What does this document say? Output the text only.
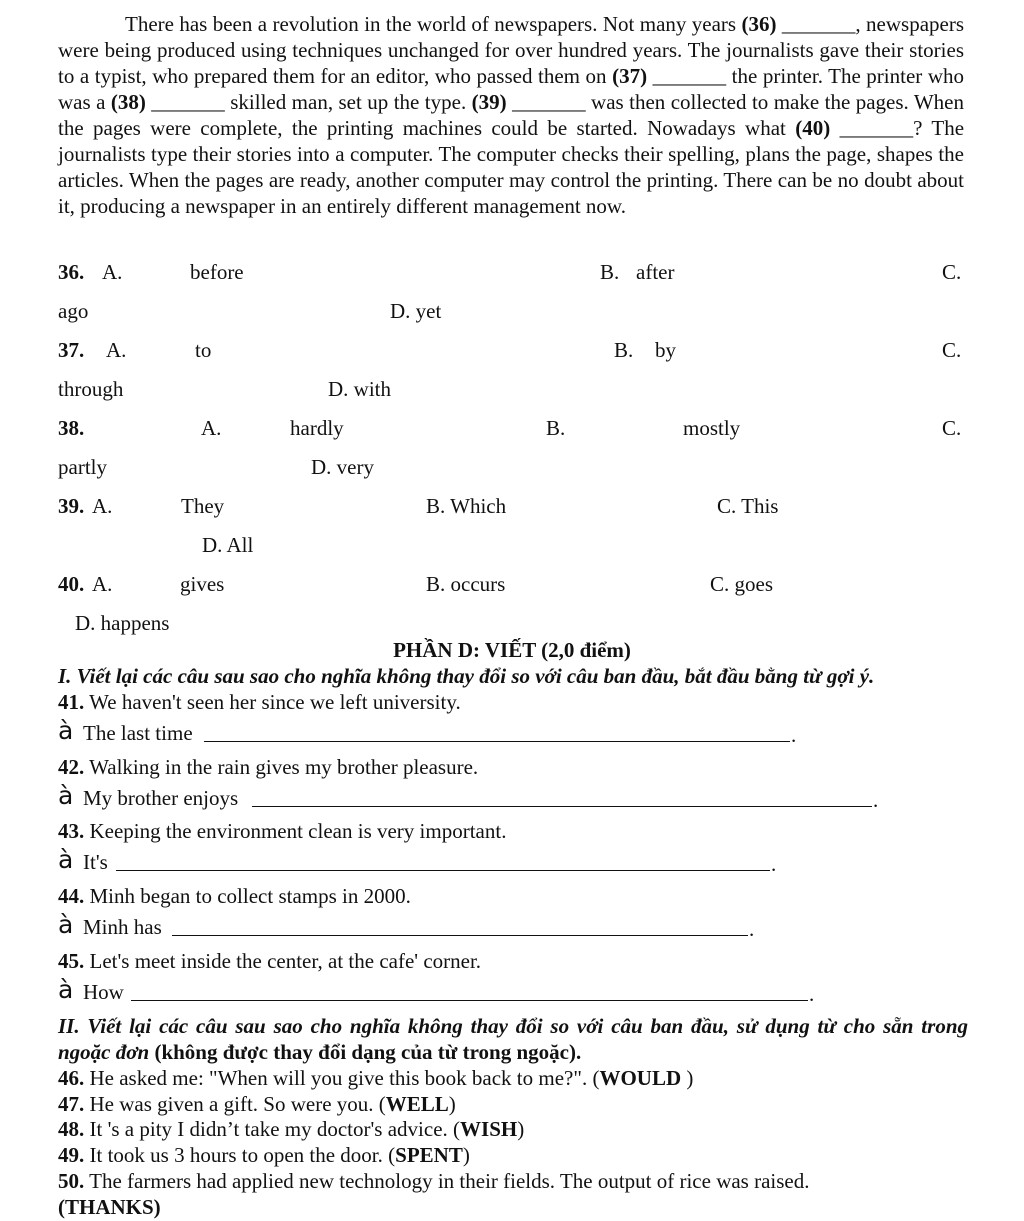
There has been a revolution in the world of newspapers. Not many years (36) _______, newspapers were being produced using techniques unchanged for over hundred years. The journalists gave their stories to a typist, who prepared them for an editor, who passed them on (37) _______ the printer. The printer who was a (38) _______ skilled man, set up the type. (39) _______ was then collected to make the pages. When the pages were complete, the printing machines could be started. Nowadays what (40) _______? The journalists type their stories into a computer. The computer checks their spelling, plans the page, shapes the articles. When the pages are ready, another computer may control the printing. There can be no doubt about it, producing a newspaper in an entirely different management now.

36. A.	before	B. after	C.
ago	D. yet
37. A.	to	B. by	C.
through	D. with
38.	A.	hardly	B.	mostly	C.
partly	D. very
39. A.	They	B. Which	C. This
D. All
40. A.	gives	B. occurs	C. goes
D. happens
PHẦN D: VIẾT (2,0 điểm)
I. Viết lại các câu sau sao cho nghĩa không thay đổi so với câu ban đầu, bắt đầu bằng từ gợi ý.
41. We haven't seen her since we left university.
à The last time	.
42. Walking in the rain gives my brother pleasure.
à My brother enjoys	.
43. Keeping the environment clean is very important.
à It's	.
44. Minh began to collect stamps in 2000.
à Minh has	.
45. Let's meet inside the center, at the cafe' corner.
à How	.
II. Viết lại các câu sau sao cho nghĩa không thay đổi so với câu ban đầu, sử dụng từ cho sẵn trong ngoặc đơn (không được thay đổi dạng của từ trong ngoặc).
46. He asked me: "When will you give this book back to me?". (WOULD )
47. He was given a gift. So were you. (WELL)
48. It 's a pity I didn’t take my doctor's advice. (WISH)
49. It took us 3 hours to open the door. (SPENT)
50. The farmers had applied new technology in their fields. The output of rice was raised.
(THANKS)
